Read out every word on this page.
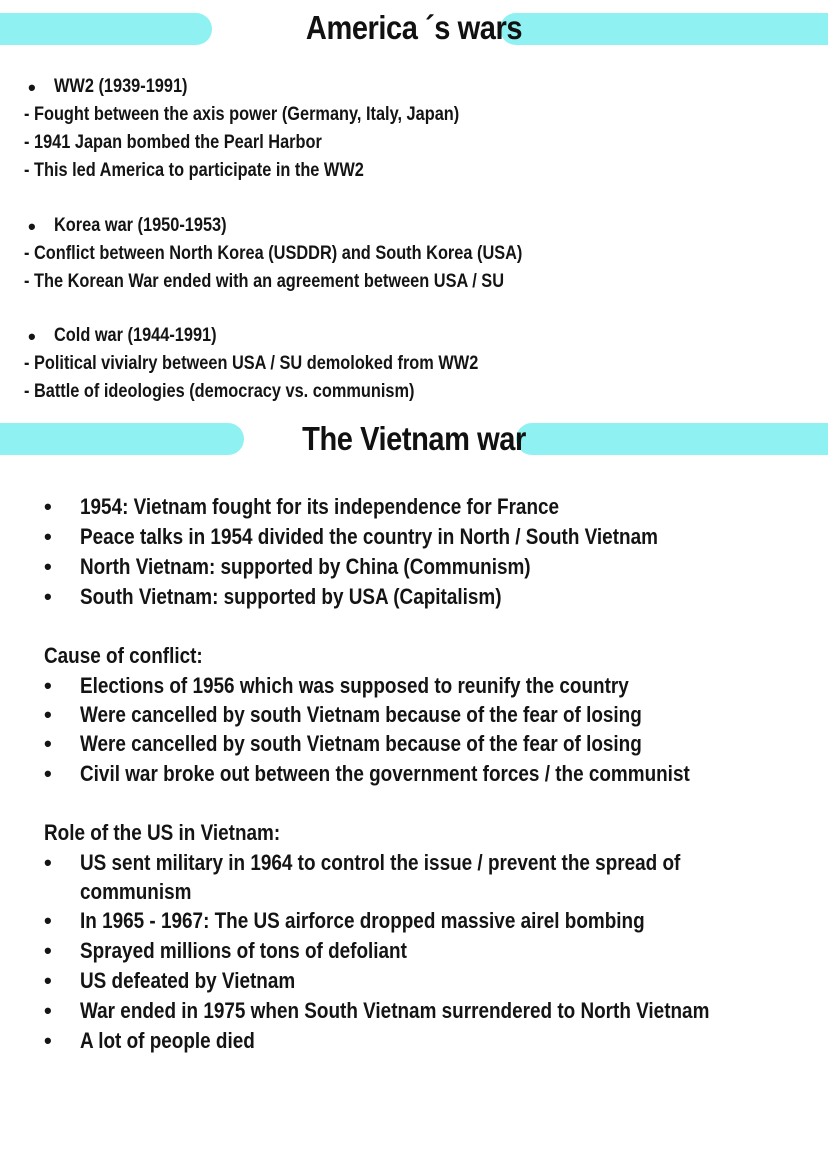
America ´s wars
• WW2 (1939-1991)
- Fought between the axis power (Germany, Italy, Japan)
- 1941 Japan bombed the Pearl Harbor
- This led America to participate in the WW2
• Korea war (1950-1953)
- Conflict between North Korea (USDDR) and South Korea (USA)
- The Korean War ended with an agreement between USA / SU
• Cold war (1944-1991)
- Political vivialry between USA / SU demoloked from WW2
- Battle of ideologies (democracy vs. communism)
The Vietnam war
• 1954: Vietnam fought for its independence for France
• Peace talks in 1954 divided the country in North / South Vietnam
• North Vietnam: supported by China (Communism)
• South Vietnam: supported by USA (Capitalism)
Cause of conflict:
• Elections of 1956 which was supposed to reunify the country
• Were cancelled by south Vietnam because of the fear of losing
• Were cancelled by south Vietnam because of the fear of losing
• Civil war broke out between the government forces / the communist
Role of the US in Vietnam:
• US sent military in 1964 to control the issue / prevent the spread of
communism
• In 1965 - 1967: The US airforce dropped massive airel bombing
• Sprayed millions of tons of defoliant
• US defeated by Vietnam
• War ended in 1975 when South Vietnam surrendered to North Vietnam
• A lot of people died
